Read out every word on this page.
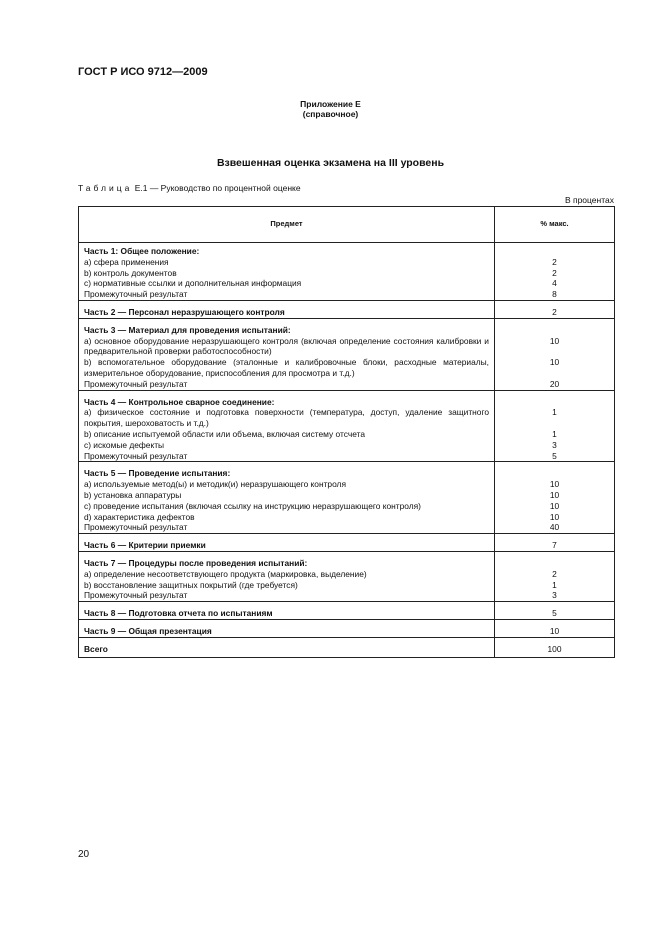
ГОСТ Р ИСО 9712—2009
Приложение Е
(справочное)
Взвешенная оценка экзамена на III уровень
Таблица Е.1 — Руководство по процентной оценке
В процентах
Предмет	% макс.
Часть 1: Общее положение:	
a) сфера применения	2
b) контроль документов	2
c) нормативные ссылки и дополнительная информация	4
Промежуточный результат	8
Часть 2 — Персонал неразрушающего контроля	2
Часть 3 — Материал для проведения испытаний:	
a) основное оборудование неразрушающего контроля (включая определение состояния калибровки и предварительной проверки работоспособности)	10
b) вспомогательное оборудование (эталонные и калибровочные блоки, расходные материалы, измерительное оборудование, приспособления для просмотра и т.д.)	10
Промежуточный результат	20
Часть 4 — Контрольное сварное соединение:	
a) физическое состояние и подготовка поверхности (температура, доступ, удаление защитного покрытия, шероховатость и т.д.)	1
b) описание испытуемой области или объема, включая систему отсчета	1
c) искомые дефекты	3
Промежуточный результат	5
Часть 5 — Проведение испытания:	
a) используемые метод(ы) и методик(и) неразрушающего контроля	10
b) установка аппаратуры	10
c) проведение испытания (включая ссылку на инструкцию неразрушающего контроля)	10
d) характеристика дефектов	10
Промежуточный результат	40
Часть 6 — Критерии приемки	7
Часть 7 — Процедуры после проведения испытаний:	
a) определение несоответствующего продукта (маркировка, выделение)	2
b) восстановление защитных покрытий (где требуется)	1
Промежуточный результат	3
Часть 8 — Подготовка отчета по испытаниям	5
Часть 9 — Общая презентация	10
Всего	100
20
